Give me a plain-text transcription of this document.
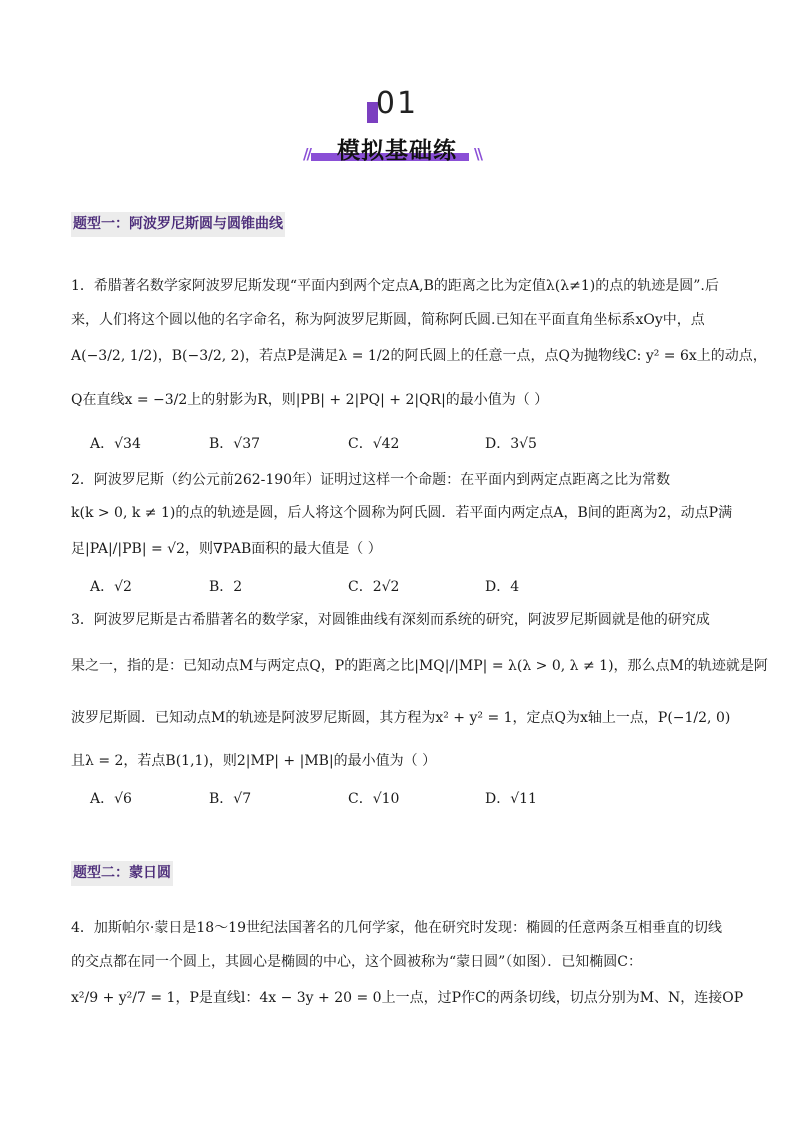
01
//	模拟基础练	\\
题型一：阿波罗尼斯圆与圆锥曲线
1．希腊著名数学家阿波罗尼斯发现“平面内到两个定点A,B的距离之比为定值λ(λ≠1)的点的轨迹是圆”.后
来，人们将这个圆以他的名字命名，称为阿波罗尼斯圆，简称阿氏圆.已知在平面直角坐标系xOy中，点
A(−3/2, 1/2)，B(−3/2, 2)，若点P是满足λ = 1/2的阿氏圆上的任意一点，点Q为抛物线C: y² = 6x上的动点，
Q在直线x = −3/2上的射影为R，则|PB| + 2|PQ| + 2|QR|的最小值为（ ）
A．√34	B．√37	C．√42	D．3√5
2．阿波罗尼斯（约公元前262-190年）证明过这样一个命题：在平面内到两定点距离之比为常数
k(k > 0, k ≠ 1)的点的轨迹是圆，后人将这个圆称为阿氏圆．若平面内两定点A，B间的距离为2，动点P满
足|PA|/|PB| = √2，则∇PAB面积的最大值是（ ）
A．√2	B．2	C．2√2	D．4
3．阿波罗尼斯是古希腊著名的数学家，对圆锥曲线有深刻而系统的研究，阿波罗尼斯圆就是他的研究成
果之一，指的是：已知动点M与两定点Q，P的距离之比|MQ|/|MP| = λ(λ > 0, λ ≠ 1)，那么点M的轨迹就是阿
波罗尼斯圆．已知动点M的轨迹是阿波罗尼斯圆，其方程为x² + y² = 1，定点Q为x轴上一点，P(−1/2, 0)
且λ = 2，若点B(1,1)，则2|MP| + |MB|的最小值为（ ）
A．√6	B．√7	C．√10	D．√11
题型二：蒙日圆
4．加斯帕尔·蒙日是18～19世纪法国著名的几何学家，他在研究时发现：椭圆的任意两条互相垂直的切线
的交点都在同一个圆上，其圆心是椭圆的中心，这个圆被称为“蒙日圆”（如图）．已知椭圆C：
x²/9 + y²/7 = 1，P是直线l：4x − 3y + 20 = 0上一点，过P作C的两条切线，切点分别为M、N，连接OP
